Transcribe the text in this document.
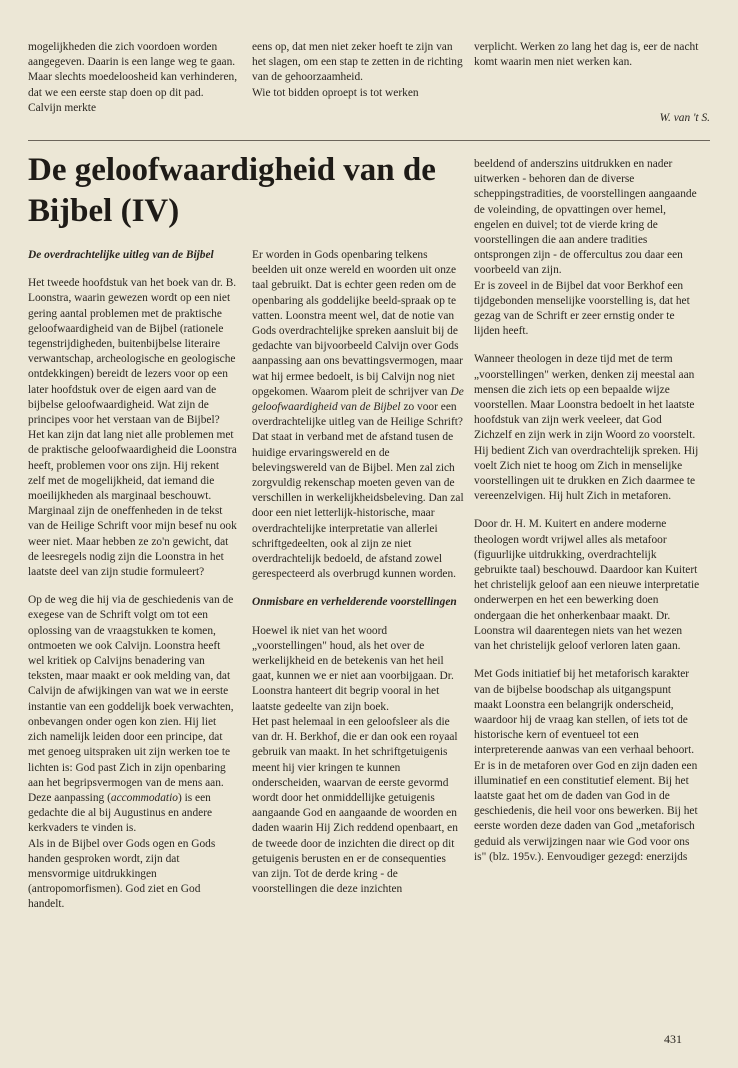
mogelijkheden die zich voordoen worden aangegeven. Daarin is een lange weg te gaan. Maar slechts moedeloosheid kan verhinderen, dat we een eerste stap doen op dit pad. Calvijn merkte
eens op, dat men niet zeker hoeft te zijn van het slagen, om een stap te zetten in de richting van de gehoorzaamheid.
Wie tot bidden oproept is tot werken
verplicht. Werken zo lang het dag is, eer de nacht komt waarin men niet werken kan.
W. van 't S.
De geloofwaardigheid van de Bijbel (IV)

De overdrachtelijke uitleg van de Bijbel

Het tweede hoofdstuk van het boek van dr. B. Loonstra, waarin gewezen wordt op een niet gering aantal problemen met de praktische geloofwaardigheid van de Bijbel (rationele tegenstrijdigheden, buitenbijbelse literaire verwantschap, archeologische en geologische ontdekkingen) bereidt de lezers voor op een later hoofdstuk over de eigen aard van de bijbelse geloofwaardigheid. Wat zijn de principes voor het verstaan van de Bijbel?

Het kan zijn dat lang niet alle problemen met de praktische geloofwaardigheid die Loonstra heeft, problemen voor ons zijn. Hij rekent zelf met de mogelijkheid, dat iemand die moeilijkheden als marginaal beschouwt. Marginaal zijn de oneffenheden in de tekst van de Heilige Schrift voor mijn besef nu ook weer niet. Maar hebben ze zo'n gewicht, dat de leesregels nodig zijn die Loonstra in het laatste deel van zijn studie formuleert?

Op de weg die hij via de geschiedenis van de exegese van de Schrift volgt om tot een oplossing van de vraagstukken te komen, ontmoeten we ook Calvijn. Loonstra heeft wel kritiek op Calvijns benadering van teksten, maar maakt er ook melding van, dat Calvijn de afwijkingen van wat we in eerste instantie van een goddelijk boek verwachten, onbevangen onder ogen kon zien. Hij liet zich namelijk leiden door een principe, dat met genoeg uitspraken uit zijn werken toe te lichten is: God past Zich in zijn openbaring aan het begripsvermogen van de mens aan. Deze aanpassing (accommodatio) is een gedachte die al bij Augustinus en andere kerkvaders te vinden is.

Als in de Bijbel over Gods ogen en Gods handen gesproken wordt, zijn dat mensvormige uitdrukkingen (antropomorfismen). God ziet en God handelt.

Er worden in Gods openbaring telkens beelden uit onze wereld en woorden uit onze taal gebruikt. Dat is echter geen reden om de openbaring als goddelijke beeld-spraak op te vatten. Loonstra meent wel, dat de notie van Gods overdrachtelijke spreken aansluit bij de gedachte van bijvoorbeeld Calvijn over Gods aanpassing aan ons bevattingsvermogen, maar wat hij ermee bedoelt, is bij Calvijn nog niet opgekomen. Waarom pleit de schrijver van De geloofwaardigheid van de Bijbel zo voor een overdrachtelijke uitleg van de Heilige Schrift? Dat staat in verband met de afstand tusen de huidige ervaringswereld en de belevingswereld van de Bijbel. Men zal zich zorgvuldig rekenschap moeten geven van de verschillen in werkelijkheidsbeleving. Dan zal door een niet letterlijk-historische, maar overdrachtelijke interpretatie van allerlei schriftgedeelten, ook al zijn ze niet overdrachtelijk bedoeld, de afstand zowel gerespecteerd als overbrugd kunnen worden.

Onmisbare en verhelderende voorstellingen

Hoewel ik niet van het woord „voorstellingen" houd, als het over de werkelijkheid en de betekenis van het heil gaat, kunnen we er niet aan voorbijgaan. Dr. Loonstra hanteert dit begrip vooral in het laatste gedeelte van zijn boek.

Het past helemaal in een geloofsleer als die van dr. H. Berkhof, die er dan ook een royaal gebruik van maakt. In het schriftgetuigenis meent hij vier kringen te kunnen onderscheiden, waarvan de eerste gevormd wordt door het onmiddellijke getuigenis aangaande God en aangaande de woorden en daden waarin Hij Zich reddend openbaart, en de tweede door de inzichten die direct op dit getuigenis berusten en er de consequenties van zijn. Tot de derde kring - de voorstellingen die deze inzichten

beeldend of anderszins uitdrukken en nader uitwerken - behoren dan de diverse scheppingstradities, de voorstellingen aangaande de voleinding, de opvattingen over hemel, engelen en duivel; tot de vierde kring de voorstellingen die aan andere tradities ontsprongen zijn - de offercultus zou daar een voorbeeld van zijn.

Er is zoveel in de Bijbel dat voor Berkhof een tijdgebonden menselijke voorstelling is, dat het gezag van de Schrift er zeer ernstig onder te lijden heeft.

Wanneer theologen in deze tijd met de term „voorstellingen" werken, denken zij meestal aan mensen die zich iets op een bepaalde wijze voorstellen. Maar Loonstra bedoelt in het laatste hoofdstuk van zijn werk veeleer, dat God Zichzelf en zijn werk in zijn Woord zo voorstelt. Hij bedient Zich van overdrachtelijk spreken. Hij voelt Zich niet te hoog om Zich in menselijke voorstellingen uit te drukken en Zich daarmee te vereenzelvigen. Hij hult Zich in metaforen.

Door dr. H. M. Kuitert en andere moderne theologen wordt vrijwel alles als metafoor (figuurlijke uitdrukking, overdrachtelijk gebruikte taal) beschouwd. Daardoor kan Kuitert het christelijk geloof aan een nieuwe interpretatie onderwerpen en het een bewerking doen ondergaan die het onherkenbaar maakt. Dr. Loonstra wil daarentegen niets van het wezen van het christelijk geloof verloren laten gaan.

Met Gods initiatief bij het metaforisch karakter van de bijbelse boodschap als uitgangspunt maakt Loonstra een belangrijk onderscheid, waardoor hij de vraag kan stellen, of iets tot de historische kern of eventueel tot een interpreterende aanwas van een verhaal behoort. Er is in de metaforen over God en zijn daden een illuminatief en een constitutief element. Bij het laatste gaat het om de daden van God in de geschiedenis, die heil voor ons bewerken. Bij het eerste worden deze daden van God „metaforisch geduid als verwijzingen naar wie God voor ons is" (blz. 195v.). Eenvoudiger gezegd: enerzijds

431
